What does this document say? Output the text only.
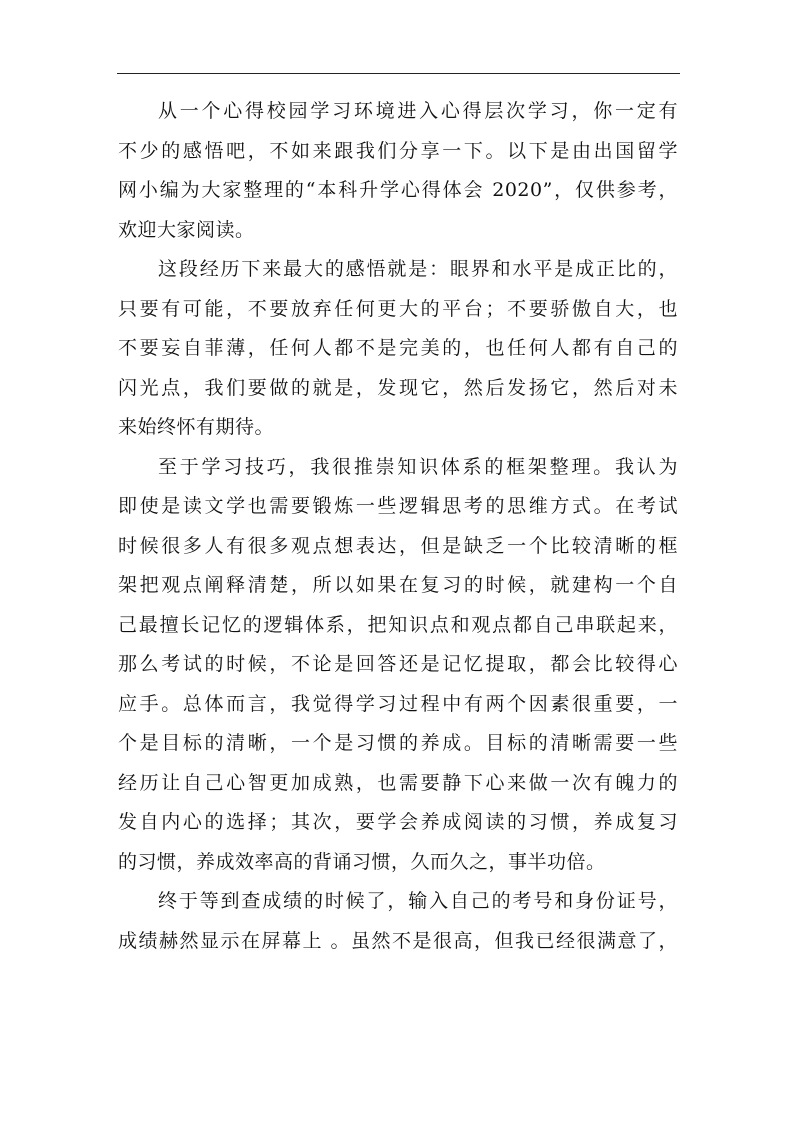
从一个心得校园学习环境进入心得层次学习，你一定有
不少的感悟吧，不如来跟我们分享一下。以下是由出国留学
网小编为大家整理的“本科升学心得体会 2020”，仅供参考，
欢迎大家阅读。
这段经历下来最大的感悟就是：眼界和水平是成正比的，
只要有可能，不要放弃任何更大的平台；不要骄傲自大，也
不要妄自菲薄，任何人都不是完美的，也任何人都有自己的
闪光点，我们要做的就是，发现它，然后发扬它，然后对未
来始终怀有期待。
至于学习技巧，我很推崇知识体系的框架整理。我认为
即使是读文学也需要锻炼一些逻辑思考的思维方式。在考试
时候很多人有很多观点想表达，但是缺乏一个比较清晰的框
架把观点阐释清楚，所以如果在复习的时候，就建构一个自
己最擅长记忆的逻辑体系，把知识点和观点都自己串联起来，
那么考试的时候，不论是回答还是记忆提取，都会比较得心
应手。总体而言，我觉得学习过程中有两个因素很重要，一
个是目标的清晰，一个是习惯的养成。目标的清晰需要一些
经历让自己心智更加成熟，也需要静下心来做一次有魄力的
发自内心的选择；其次，要学会养成阅读的习惯，养成复习
的习惯，养成效率高的背诵习惯，久而久之，事半功倍。
终于等到查成绩的时候了，输入自己的考号和身份证号，
成绩赫然显示在屏幕上 。虽然不是很高，但我已经很满意了，
